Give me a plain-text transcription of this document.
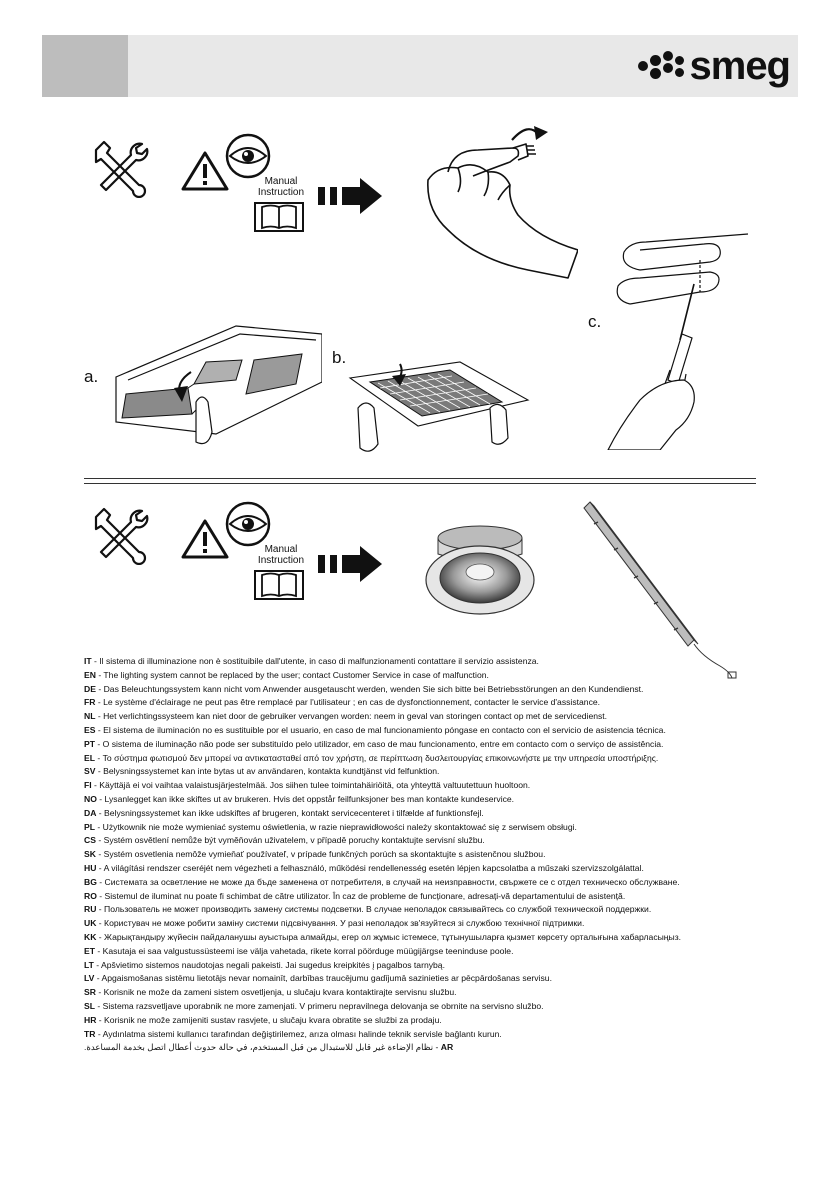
smeg
Manual
Instruction
a.
b.
c.
Manual
Instruction
IT - Il sistema di illuminazione non è sostituibile dall'utente, in caso di malfunzionamenti contattare il servizio assistenza.
EN - The lighting system cannot be replaced by the user; contact Customer Service in case of malfunction.
DE - Das Beleuchtungssystem kann nicht vom Anwender ausgetauscht werden, wenden Sie sich bitte bei Betriebsstörungen an den Kundendienst.
FR - Le système d'éclairage ne peut pas être remplacé par l'utilisateur ; en cas de dysfonctionnement, contacter le service d'assistance.
NL - Het verlichtingssysteem kan niet door de gebruiker vervangen worden: neem in geval van storingen contact op met de servicedienst.
ES - El sistema de iluminación no es sustituible por el usuario, en caso de mal funcionamiento póngase en contacto con el servicio de asistencia técnica.
PT - O sistema de iluminação não pode ser substituído pelo utilizador, em caso de mau funcionamento, entre em contacto com o serviço de assistência.
EL - Το σύστημα φωτισμού δεν μπορεί να αντικατασταθεί από τον χρήστη, σε περίπτωση δυσλειτουργίας επικοινωνήστε με την υπηρεσία υποστήριξης.
SV - Belysningssystemet kan inte bytas ut av användaren, kontakta kundtjänst vid felfunktion.
FI - Käyttäjä ei voi vaihtaa valaistusjärjestelmää. Jos siihen tulee toimintahäiriöitä, ota yhteyttä valtuutettuun huoltoon.
NO - Lysanlegget kan ikke skiftes ut av brukeren. Hvis det oppstår feilfunksjoner bes man kontakte kundeservice.
DA - Belysningssystemet kan ikke udskiftes af brugeren, kontakt servicecenteret i tilfælde af funktionsfejl.
PL - Użytkownik nie może wymieniać systemu oświetlenia, w razie nieprawidłowości należy skontaktować się z serwisem obsługi.
CS - Systém osvětlení nemůže být vyměňován uživatelem, v případě poruchy kontaktujte servisní službu.
SK - Systém osvetlenia nemôže vymieňať používateľ, v prípade funkčných porúch sa skontaktujte s asistenčnou službou.
HU - A világítási rendszer cseréjét nem végezheti a felhasználó, működési rendellenesség esetén lépjen kapcsolatba a műszaki szervizszolgálattal.
BG - Системата за осветление не може да бъде заменена от потребителя, в случай на неизправности, свържете се с отдел техническо обслужване.
RO - Sistemul de iluminat nu poate fi schimbat de către utilizator. În caz de probleme de funcționare, adresați-vă departamentului de asistență.
RU - Пользователь не может производить замену системы подсветки. В случае неполадок связывайтесь со службой технической поддержки.
UK - Користувач не може робити заміну системи підсвічування. У разі неполадок зв'язуйтеся зі службою технічної підтримки.
KK - Жарықтандыру жүйесін пайдаланушы ауыстыра алмайды, егер ол жұмыс істемесе, тұтынушыларға қызмет көрсету орталығына хабарласыңыз.
ET - Kasutaja ei saa valgustussüsteemi ise välja vahetada, rikete korral pöörduge müügijärgse teeninduse poole.
LT - Apšvietimo sistemos naudotojas negali pakeisti. Jai sugedus kreipkitės į pagalbos tarnybą.
LV - Apgaismošanas sistēmu lietotājs nevar nomainīt, darbības traucējumu gadījumā sazinieties ar pēcpārdošanas servisu.
SR - Korisnik ne može da zameni sistem osvetljenja, u slučaju kvara kontaktirajte servisnu službu.
SL - Sistema razsvetljave uporabnik ne more zamenjati. V primeru nepravilnega delovanja se obrnite na servisno službo.
HR - Korisnik ne može zamijeniti sustav rasvjete, u slučaju kvara obratite se službi za prodaju.
TR - Aydınlatma sistemi kullanıcı tarafından değiştirilemez, arıza olması halinde teknik servisle bağlantı kurun.
AR - نظام الإضاءة غير قابل للاستبدال من قبل المستخدم، في حالة حدوث أعطال اتصل بخدمة المساعدة.
